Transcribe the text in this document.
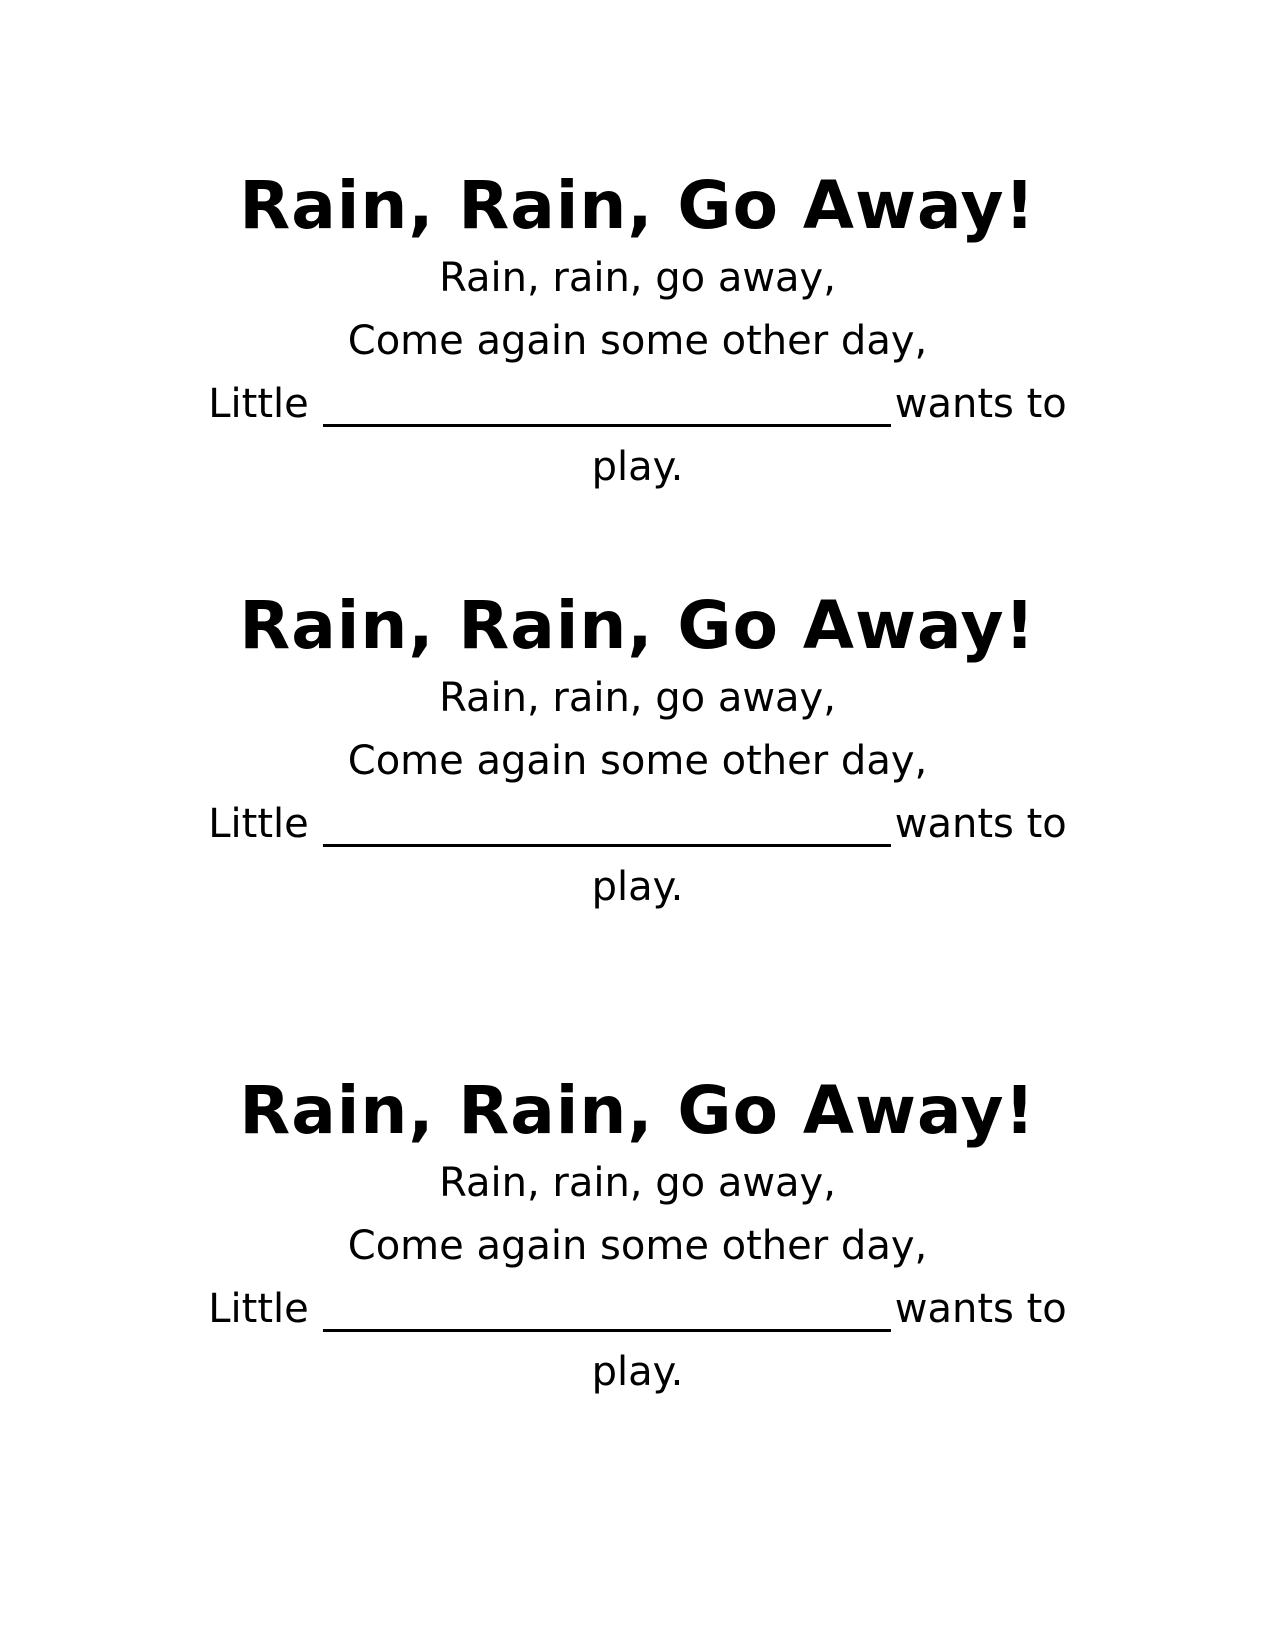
Rain, Rain, Go Away!
Rain, rain, go away,
Come again some other day,
Little	wants to
play.
Rain, Rain, Go Away!
Rain, rain, go away,
Come again some other day,
Little	wants to
play.
Rain, Rain, Go Away!
Rain, rain, go away,
Come again some other day,
Little	wants to
play.
